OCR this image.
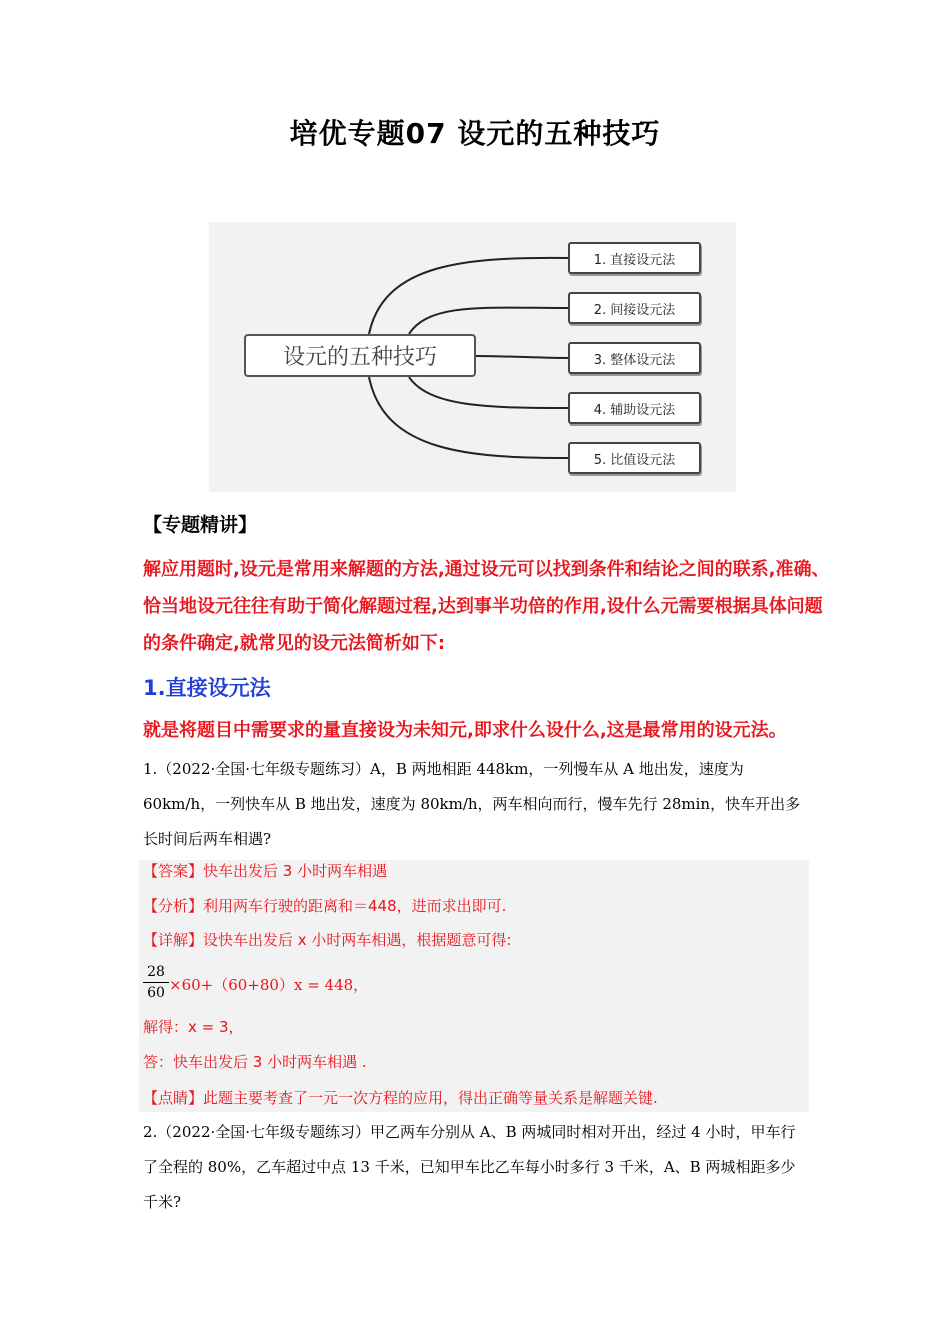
培优专题07 设元的五种技巧
设元的五种技巧
1. 直接设元法
2. 间接设元法
3. 整体设元法
4. 辅助设元法
5. 比值设元法
【专题精讲】
解应用题时,设元是常用来解题的方法,通过设元可以找到条件和结论之间的联系,准确、恰当地设元往往有助于简化解题过程,达到事半功倍的作用,设什么元需要根据具体问题的条件确定,就常见的设元法简析如下:
1.直接设元法
就是将题目中需要求的量直接设为未知元,即求什么设什么,这是最常用的设元法。
1.（2022·全国·七年级专题练习）A，B 两地相距 448km，一列慢车从 A 地出发，速度为 60km/h，一列快车从 B 地出发，速度为 80km/h，两车相向而行，慢车先行 28min，快车开出多长时间后两车相遇?
【答案】快车出发后 3 小时两车相遇
【分析】利用两车行驶的距离和＝448，进而求出即可.
【详解】设快车出发后 x 小时两车相遇，根据题意可得:
$\frac{28}{60} \times 60+(60+80)x = 448$，
解得：x = 3，
答：快车出发后 3 小时两车相遇 .
【点睛】此题主要考查了一元一次方程的应用，得出正确等量关系是解题关键.
2.（2022·全国·七年级专题练习）甲乙两车分别从 A、B 两城同时相对开出，经过 4 小时，甲车行了全程的 80%，乙车超过中点 13 千米，已知甲车比乙车每小时多行 3 千米，A、B 两城相距多少千米?
